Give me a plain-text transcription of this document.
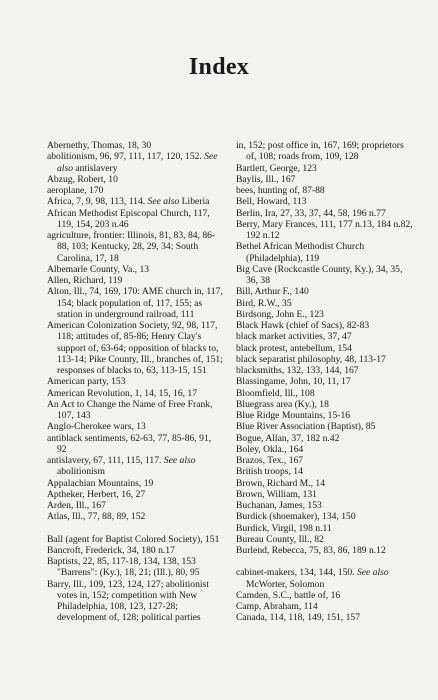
Index
Abernethy, Thomas, 18, 30
abolitionism, 96, 97, 111, 117, 120, 152. See also antislavery
Abzug, Robert, 10
aeroplane, 170
Africa, 7, 9, 98, 113, 114. See also Liberia
African Methodist Episcopal Church, 117, 119, 154, 203 n.46
agriculture, frontier: Illinois, 81, 83, 84, 86-88, 103; Kentucky, 28, 29, 34; South Carolina, 17, 18
Albemarle County, Va., 13
Allen, Richard, 119
Alton, Ill., 74, 169, 170: AME church in, 117, 154; black population of, 117, 155; as station in underground railroad, 111
American Colonization Society, 92, 98, 117, 118; attitudes of, 85-86; Henry Clay's support of, 63-64; opposition of blacks to, 113-14; Pike County, Ill., branches of, 151; responses of blacks to, 63, 113-15, 151
American party, 153
American Revolution, 1, 14, 15, 16, 17
An Act to Change the Name of Free Frank, 107, 143
Anglo-Cherokee wars, 13
antiblack sentiments, 62-63, 77, 85-86, 91, 92
antislavery, 67, 111, 115, 117. See also abolitionism
Appalachian Mountains, 19
Aptheker, Herbert, 16, 27
Arden, Ill., 167
Atlas, Ill., 77, 88, 89, 152
Ball (agent for Baptist Colored Society), 151
Bancroft, Frederick, 34, 180 n.17
Baptists, 22, 85, 117-18, 134, 138, 153 "Barrens": (Ky.), 18, 21; (Ill.), 80, 95
Barry, Ill., 109, 123, 124, 127; abolitionist votes in, 152; competition with New Philadelphia, 108, 123, 127-28; development of, 128; political parties
in, 152; post office in, 167, 169; proprietors of, 108; roads from, 109, 128
Bartlett, George, 123
Baylis, Ill., 167
bees, hunting of, 87-88
Bell, Howard, 113
Berlin, Ira, 27, 33, 37, 44, 58, 196 n.77
Berry, Mary Frances, 111, 177 n.13, 184 n.82, 192 n.12
Bethel African Methodist Church (Philadelphia), 119
Big Cave (Rockcastle County, Ky.), 34, 35, 36, 38
Bill, Arthur F., 140
Bird, R.W., 35
Birdsong, John E., 123
Black Hawk (chief of Sacs), 82-83
black market activities, 37, 47
black protest, antebellum, 154
black separatist philosophy, 48, 113-17
blacksmiths, 132, 133, 144, 167
Blassingame, John, 10, 11, 17
Bloomfield, Ill., 108
Bluegrass area (Ky.), 18
Blue Ridge Mountains, 15-16
Blue River Association (Baptist), 85
Bogue, Allan, 37, 182 n.42
Boley, Okla., 164
Brazos, Tex., 167
British troops, 14
Brown, Richard M., 14
Brown, William, 131
Buchanan, James, 153
Burdick (shoemaker), 134, 150
Burdick, Virgil, 198 n.11
Bureau County, Ill., 82
Burlend, Rebecca, 75, 83, 86, 189 n.12
cabinet-makers, 134, 144, 150. See also McWorter, Solomon
Camden, S.C., battle of, 16
Camp, Abraham, 114
Canada, 114, 118, 149, 151, 157
